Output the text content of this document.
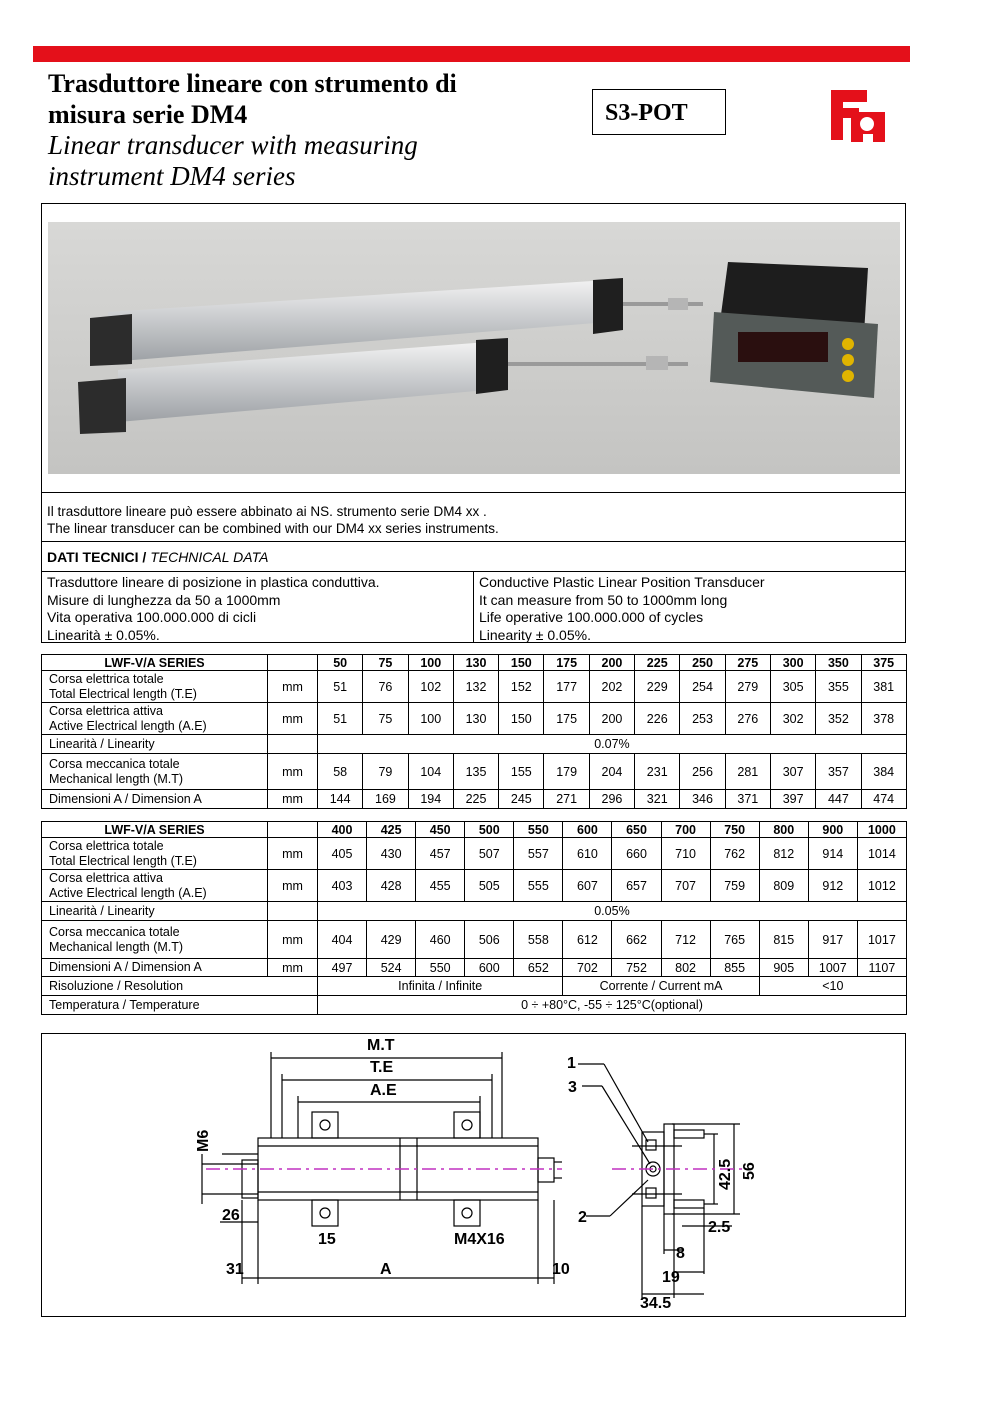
Trasduttore lineare con strumento di
misura serie DM4
Linear transducer with measuring
instrument DM4 series
S3-POT
Il trasduttore lineare può essere abbinato ai NS. strumento serie DM4 xx .
The linear transducer can be combined with our DM4 xx series instruments.
DATI TECNICI / TECHNICAL DATA
Trasduttore lineare di posizione in plastica conduttiva.
Misure di lunghezza da 50 a 1000mm
Vita operativa 100.000.000 di cicli
Linearità ± 0.05%.
Conductive Plastic Linear Position Transducer
It can measure from 50 to 1000mm long
Life operative 100.000.000 of cycles
Linearity ± 0.05%.
LWF-V/A SERIES		50	75	100	130	150	175	200	225	250	275	300	350	375

Corsa elettrica totale
Total Electrical length (T.E)	mm	51	76	102	132	152	177	202	229	254	279	305	355	381

Corsa elettrica attiva
Active Electrical length (A.E)	mm	51	75	100	130	150	175	200	226	253	276	302	352	378

Linearità / Linearity		0.07%												

Corsa meccanica totale
Mechanical length (M.T)	mm	58	79	104	135	155	179	204	231	256	281	307	357	384

Dimensioni A / Dimension A	mm	144	169	194	225	245	271	296	321	346	371	397	447	474
LWF-V/A SERIES		400	425	450	500	550	600	650	700	750	800	900	1000

Corsa elettrica totale
Total Electrical length (T.E)	mm	405	430	457	507	557	610	660	710	762	812	914	1014

Corsa elettrica attiva
Active Electrical length (A.E)	mm	403	428	455	505	555	607	657	707	759	809	912	1012

Linearità / Linearity		0.05%											

Corsa meccanica totale
Mechanical length (M.T)	mm	404	429	460	506	558	612	662	712	765	815	917	1017

Dimensioni A / Dimension A	mm	497	524	550	600	652	702	752	802	855	905	1007	1107
Risoluzione / Resolution		Infinita / Infinite					Corrente / Current mA				<10		
Temperatura / Temperature		0 ÷ +80°C, -55 ÷ 125°C(optional)											
M.T
T.E
A.E
M6
26
15	M4X16
31	A	10
1
3
2
42.5 56
2.5
8
19
34.5
